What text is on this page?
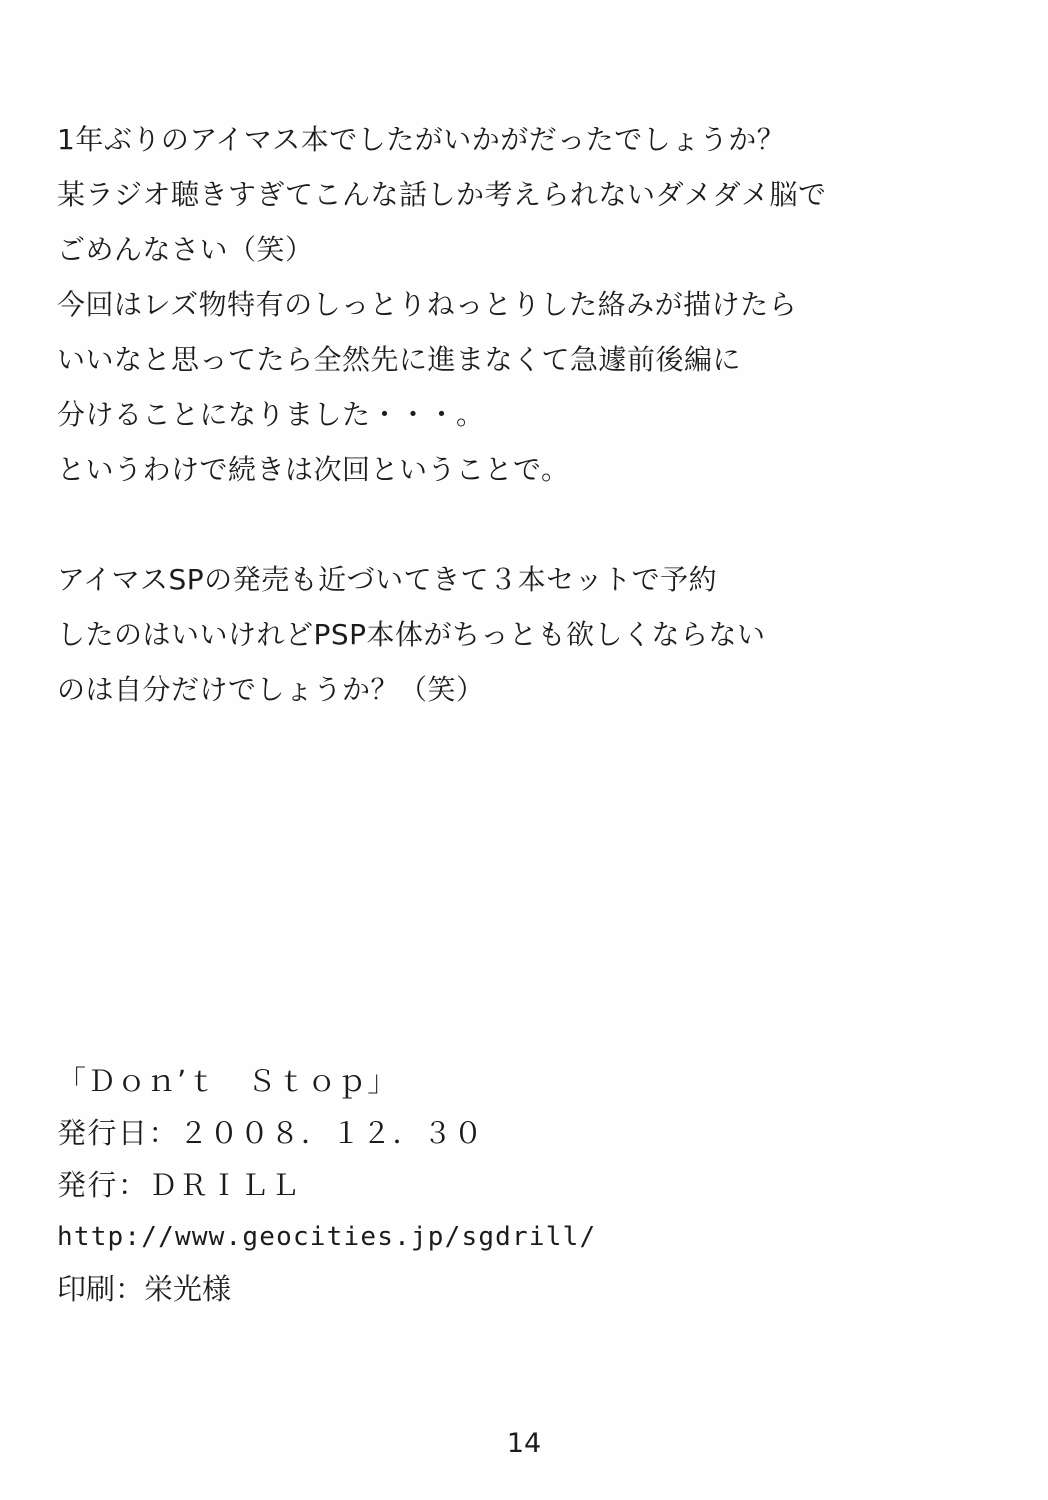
1年ぶりのアイマス本でしたがいかがだったでしょうか？

某ラジオ聴きすぎてこんな話しか考えられないダメダメ脳で

ごめんなさい（笑）

今回はレズ物特有のしっとりねっとりした絡みが描けたら

いいなと思ってたら全然先に進まなくて急遽前後編に

分けることになりました・・・。

というわけで続きは次回ということで。

アイマスSPの発売も近づいてきて３本セットで予約

したのはいいけれどPSP本体がちっとも欲しくならない

のは自分だけでしょうか？（笑）

「Ｄｏｎ’ｔ　Ｓｔｏｐ」
発行日：２００８．１２．３０
発行：ＤＲＩＬＬ
http://www.geocities.jp/sgdrill/
印刷：栄光様
14
